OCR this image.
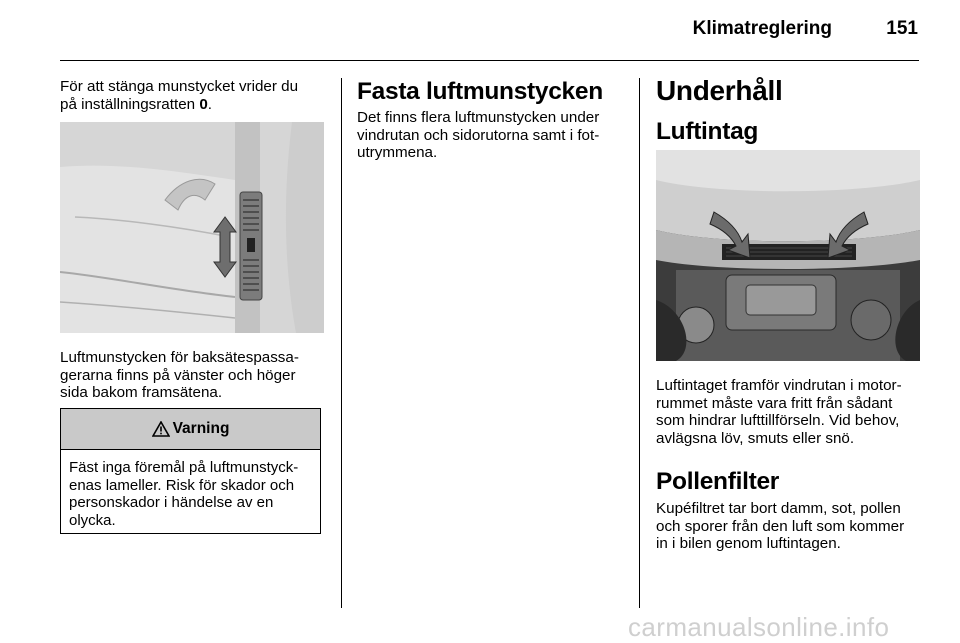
Klimatreglering	151
För att stänga munstycket vrider du
på inställningsratten 0.
Luftmunstycken för baksätespassa-
gerarna finns på vänster och höger
sida bakom framsätena.
Varning
Fäst inga föremål på luftmunstyck-
enas lameller. Risk för skador och
personskador i händelse av en
olycka.
Fasta luftmunstycken
Det finns flera luftmunstycken under
vindrutan och sidorutorna samt i fot-
utrymmena.
Underhåll
Luftintag
Luftintaget framför vindrutan i motor-
rummet måste vara fritt från sådant
som hindrar lufttillförseln. Vid behov,
avlägsna löv, smuts eller snö.
Pollenfilter
Kupéfiltret tar bort damm, sot, pollen
och sporer från den luft som kommer
in i bilen genom luftintagen.
carmanualsonline.info
